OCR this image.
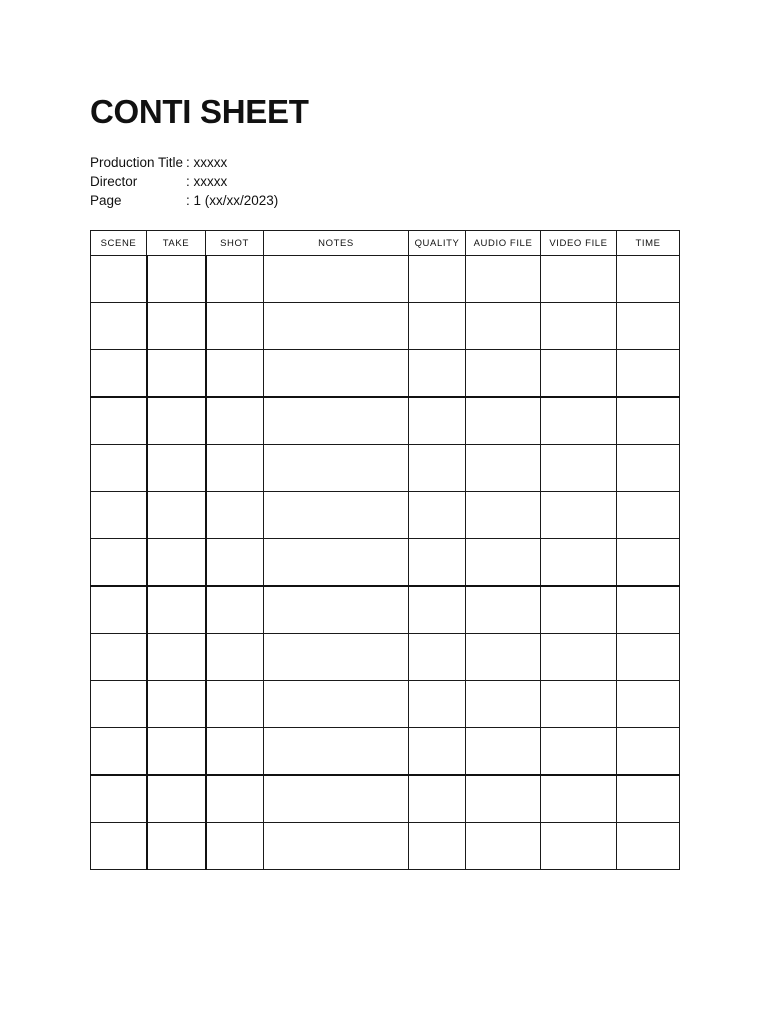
CONTI SHEET
Production Title : xxxxx
Director	: xxxxx
Page	: 1 (xx/xx/2023)
SCENE	TAKE	SHOT	NOTES	QUALITY	AUDIO FILE	VIDEO FILE	TIME
